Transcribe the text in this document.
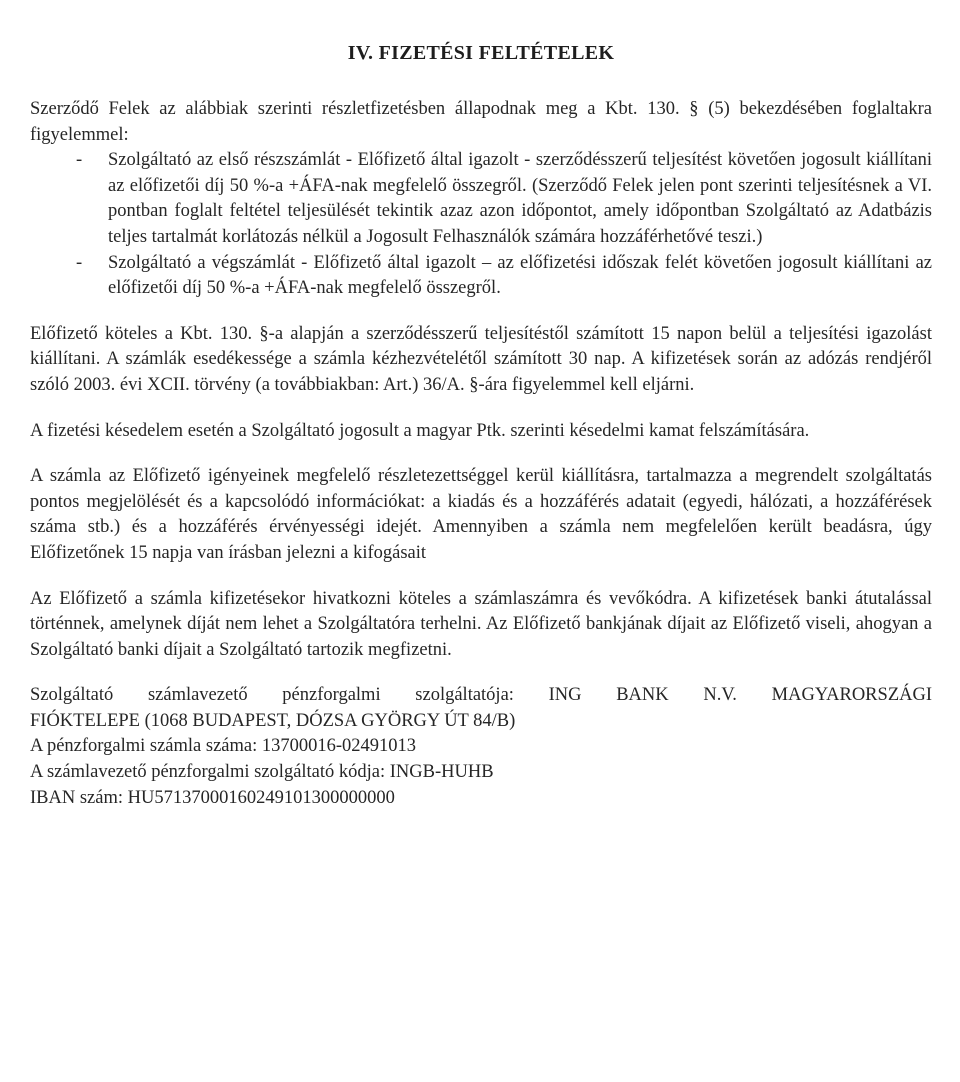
IV. FIZETÉSI FELTÉTELEK

Szerződő Felek az alábbiak szerinti részletfizetésben állapodnak meg a Kbt. 130. § (5) bekezdésében foglaltakra figyelemmel:

- Szolgáltató az első részszámlát - Előfizető által igazolt - szerződésszerű teljesítést követően jogosult kiállítani az előfizetői díj 50 %-a +ÁFA-nak megfelelő összegről. (Szerződő Felek jelen pont szerinti teljesítésnek a VI. pontban foglalt feltétel teljesülését tekintik azaz azon időpontot, amely időpontban Szolgáltató az Adatbázis teljes tartalmát korlátozás nélkül a Jogosult Felhasználók számára hozzáférhetővé teszi.)
- Szolgáltató a végszámlát - Előfizető által igazolt – az előfizetési időszak felét követően jogosult kiállítani az előfizetői díj 50 %-a +ÁFA-nak megfelelő összegről.

Előfizető köteles a Kbt. 130. §-a alapján a szerződésszerű teljesítéstől számított 15 napon belül a teljesítési igazolást kiállítani. A számlák esedékessége a számla kézhezvételétől számított 30 nap. A kifizetések során az adózás rendjéről szóló 2003. évi XCII. törvény (a továbbiakban: Art.) 36/A. §-ára figyelemmel kell eljárni.

A fizetési késedelem esetén a Szolgáltató jogosult a magyar Ptk. szerinti késedelmi kamat felszámítására.

A számla az Előfizető igényeinek megfelelő részletezettséggel kerül kiállításra, tartalmazza a megrendelt szolgáltatás pontos megjelölését és a kapcsolódó információkat: a kiadás és a hozzáférés adatait (egyedi, hálózati, a hozzáférések száma stb.) és a hozzáférés érvényességi idejét. Amennyiben a számla nem megfelelően került beadásra, úgy Előfizetőnek 15 napja van írásban jelezni a kifogásait

Az Előfizető a számla kifizetésekor hivatkozni köteles a számlaszámra és vevőkódra. A kifizetések banki átutalással történnek, amelynek díját nem lehet a Szolgáltatóra terhelni. Az Előfizető bankjának díjait az Előfizető viseli, ahogyan a Szolgáltató banki díjait a Szolgáltató tartozik megfizetni.

Szolgáltató számlavezető pénzforgalmi szolgáltatója: ING BANK N.V. MAGYARORSZÁGI
FIÓKTELEPE (1068 BUDAPEST, DÓZSA GYÖRGY ÚT 84/B)
A pénzforgalmi számla száma: 13700016-02491013
A számlavezető pénzforgalmi szolgáltató kódja: INGB-HUHB
IBAN szám: HU57137000160249101300000000
